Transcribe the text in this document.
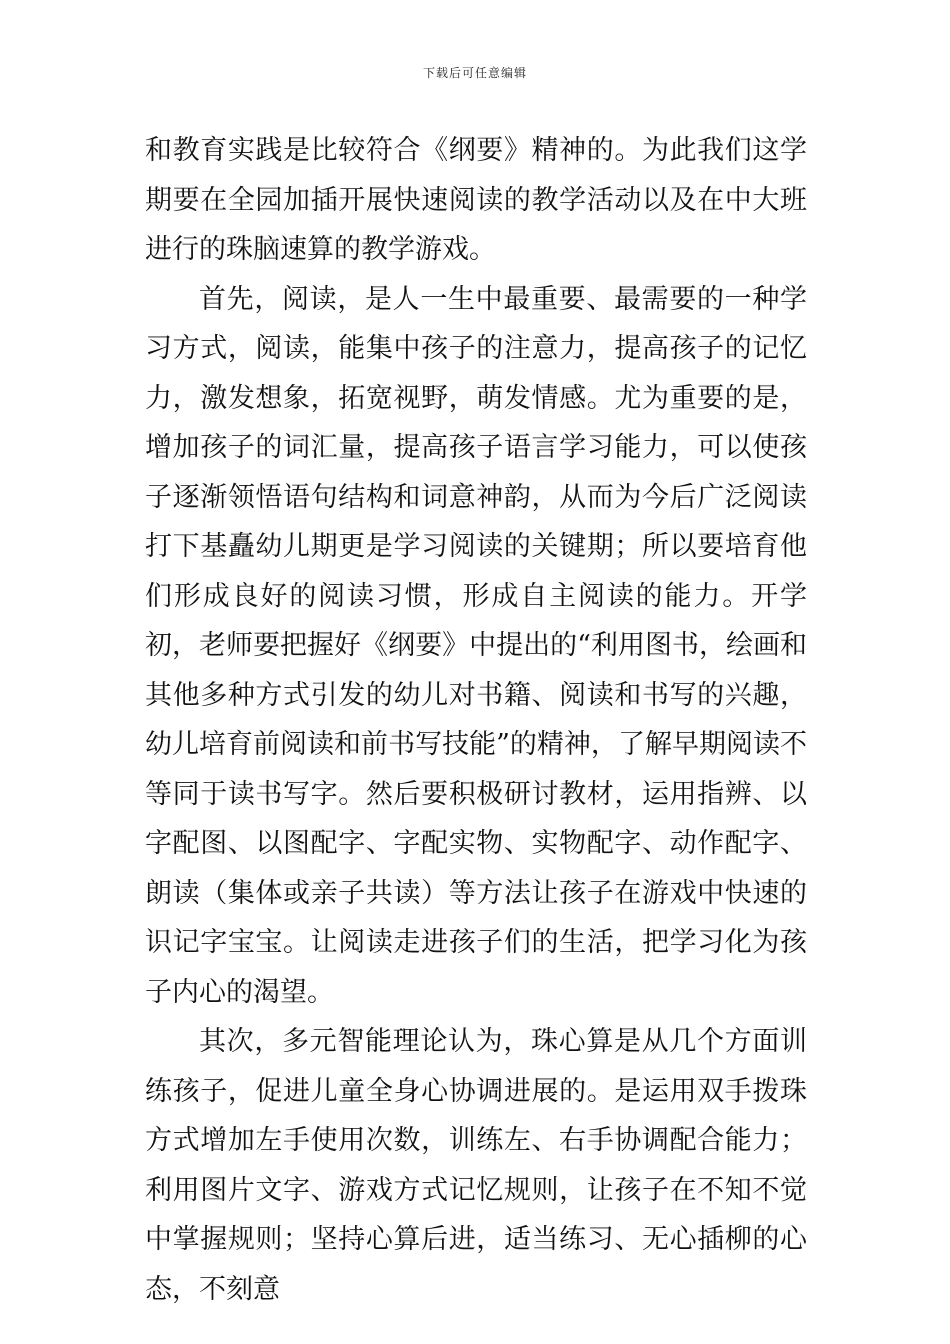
下载后可任意编辑

和教育实践是比较符合《纲要》精神的。为此我们这学期要在全园加插开展快速阅读的教学活动以及在中大班进行的珠脑速算的教学游戏。

首先，阅读，是人一生中最重要、最需要的一种学习方式，阅读，能集中孩子的注意力，提高孩子的记忆力，激发想象，拓宽视野，萌发情感。尤为重要的是，增加孩子的词汇量，提高孩子语言学习能力，可以使孩子逐渐领悟语句结构和词意神韵，从而为今后广泛阅读打下基矗幼儿期更是学习阅读的关键期；所以要培育他们形成良好的阅读习惯，形成自主阅读的能力。开学初，老师要把握好《纲要》中提出的“利用图书，绘画和其他多种方式引发的幼儿对书籍、阅读和书写的兴趣，幼儿培育前阅读和前书写技能”的精神，了解早期阅读不等同于读书写字。然后要积极研讨教材，运用指辨、以字配图、以图配字、字配实物、实物配字、动作配字、朗读（集体或亲子共读）等方法让孩子在游戏中快速的识记字宝宝。让阅读走进孩子们的生活，把学习化为孩子内心的渴望。

其次，多元智能理论认为，珠心算是从几个方面训练孩子，促进儿童全身心协调进展的。是运用双手拨珠方式增加左手使用次数，训练左、右手协调配合能力；利用图片文字、游戏方式记忆规则，让孩子在不知不觉中掌握规则；坚持心算后进，适当练习、无心插柳的心态，不刻意
